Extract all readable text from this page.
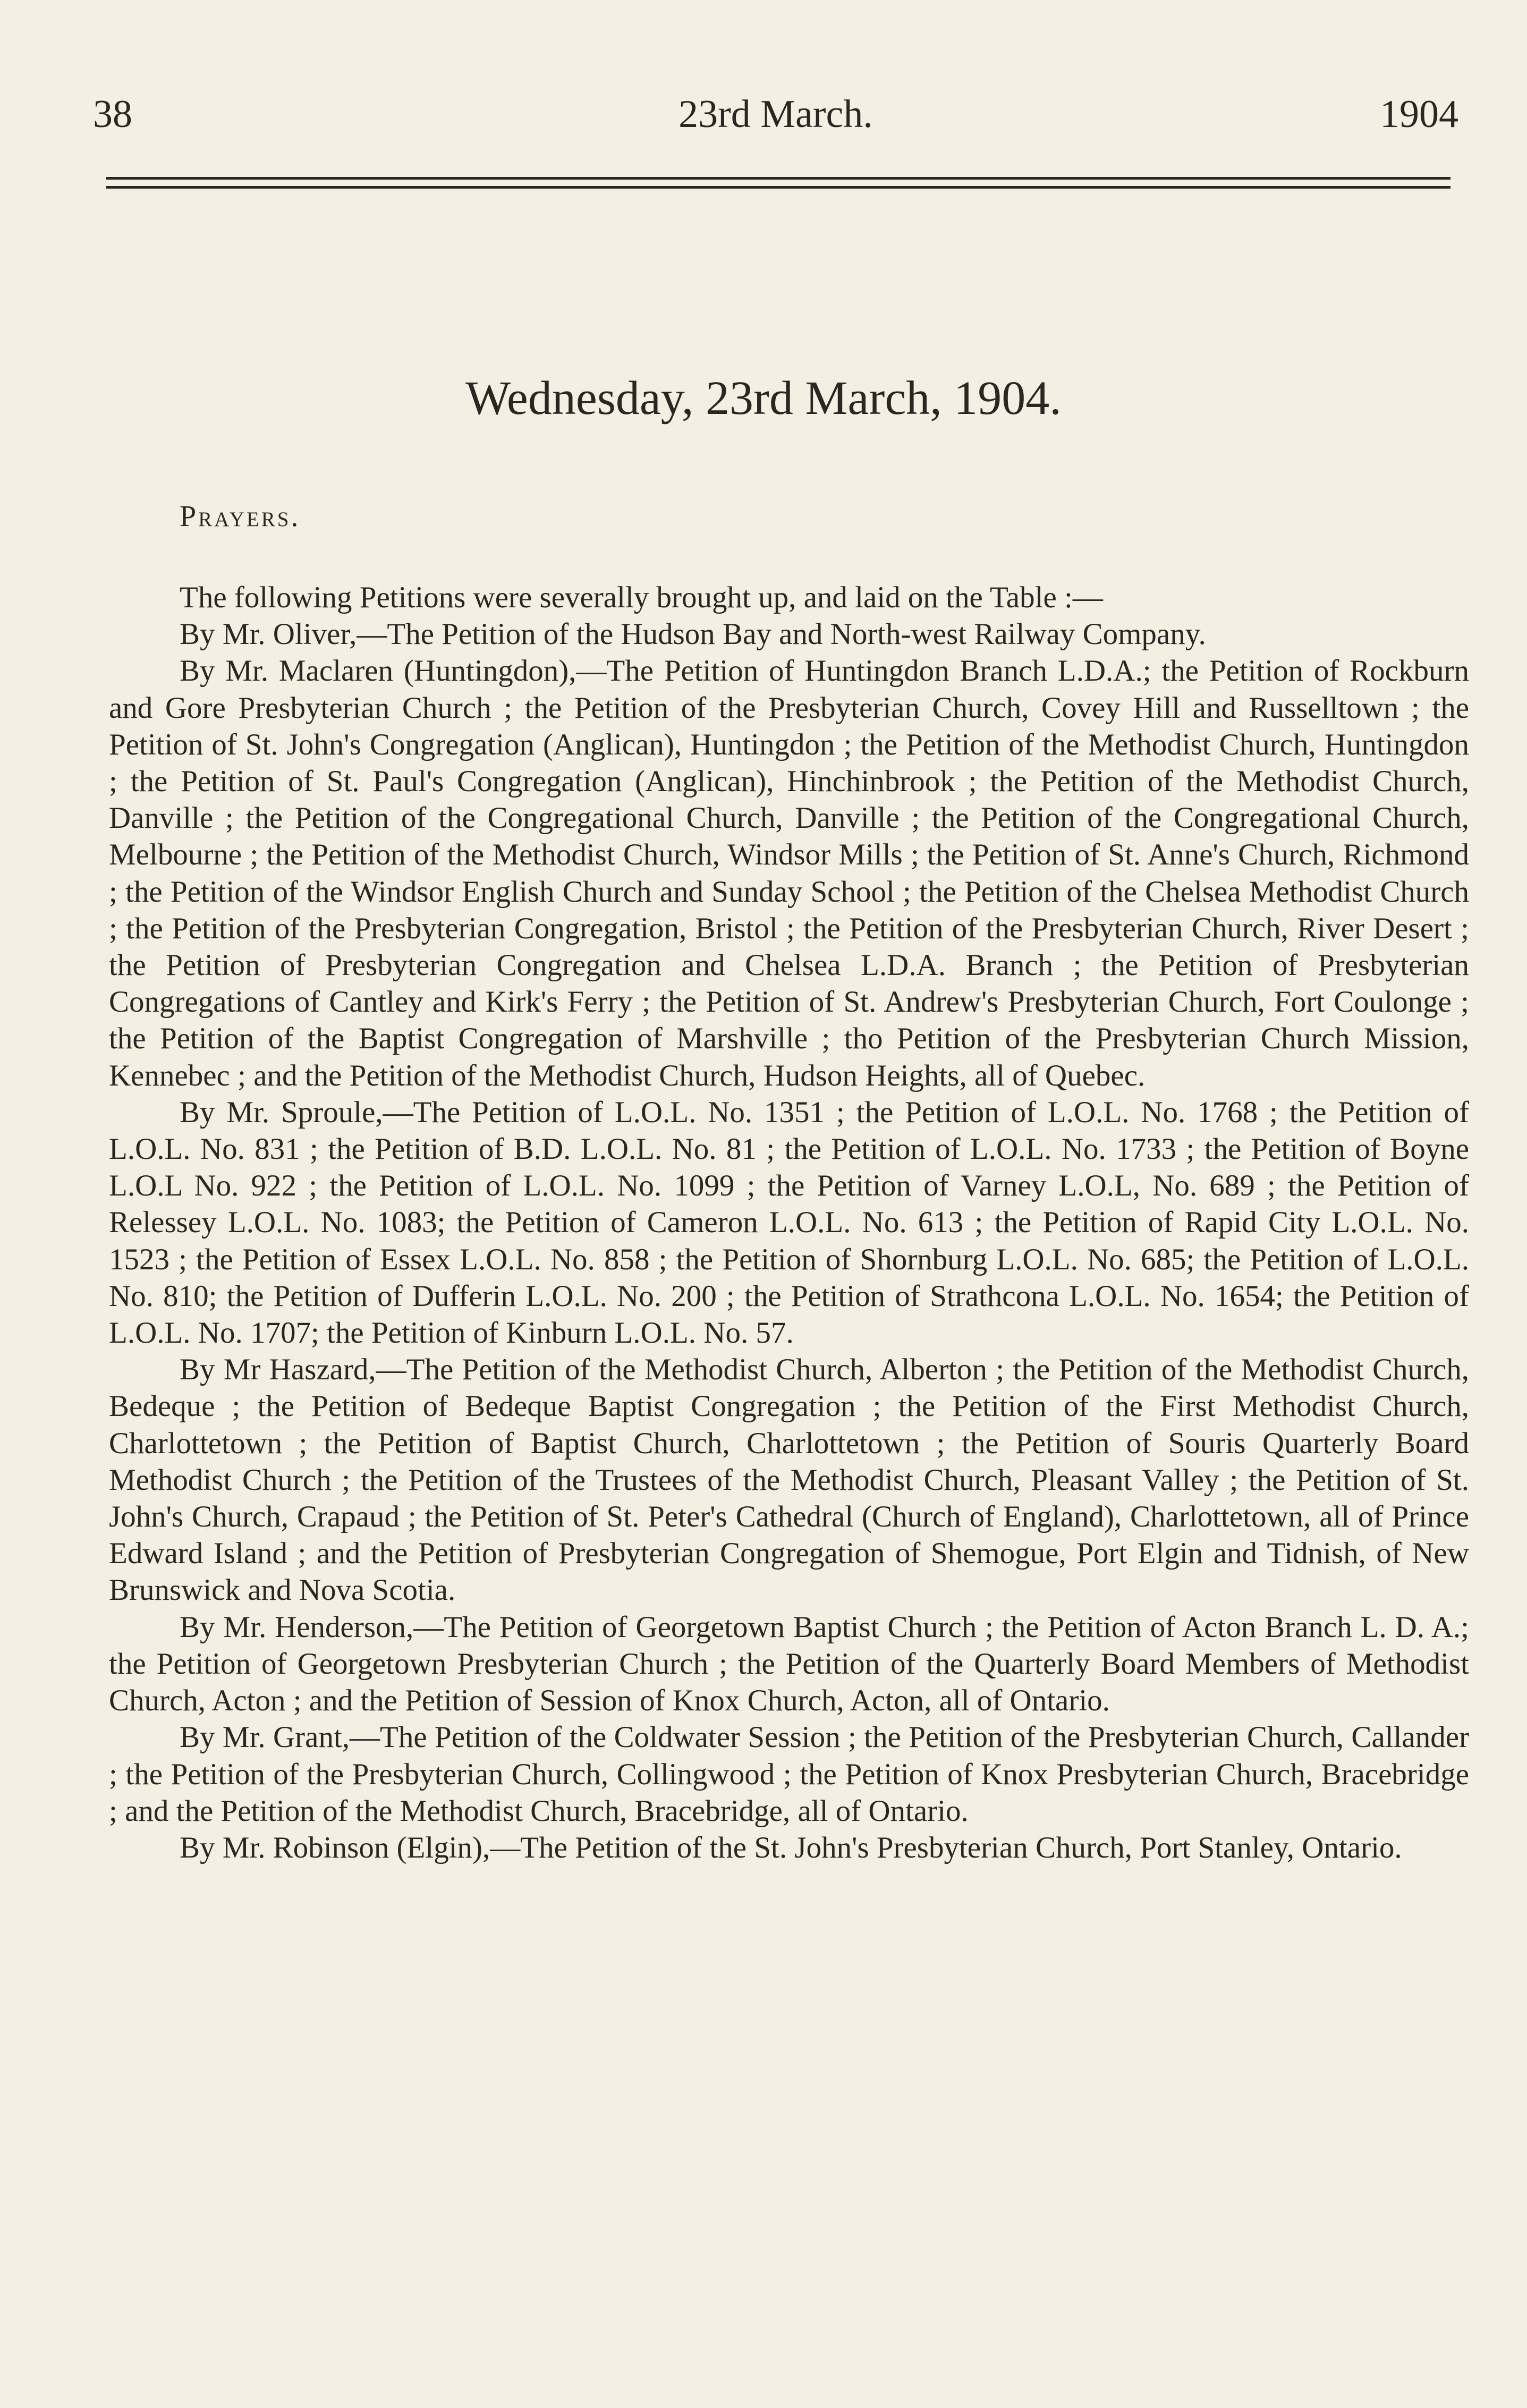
38	23rd March.	1904
Wednesday, 23rd March, 1904.
Prayers.

The following Petitions were severally brought up, and laid on the Table :—

By Mr. Oliver,—The Petition of the Hudson Bay and North-west Railway Company.

By Mr. Maclaren (Huntingdon),—The Petition of Huntingdon Branch L.D.A.; the Petition of Rockburn and Gore Presbyterian Church ; the Petition of the Presbyterian Church, Covey Hill and Russelltown ; the Petition of St. John's Congregation (Anglican), Huntingdon ; the Petition of the Methodist Church, Huntingdon ; the Petition of St. Paul's Congregation (Anglican), Hinchinbrook ; the Petition of the Methodist Church, Danville ; the Petition of the Congregational Church, Danville ; the Petition of the Congregational Church, Melbourne ; the Petition of the Methodist Church, Windsor Mills ; the Petition of St. Anne's Church, Richmond ; the Petition of the Windsor English Church and Sunday School ; the Petition of the Chelsea Methodist Church ; the Petition of the Presbyterian Congregation, Bristol ; the Petition of the Presbyterian Church, River Desert ; the Petition of Presbyterian Congregation and Chelsea L.D.A. Branch ; the Petition of Presbyterian Congregations of Cantley and Kirk's Ferry ; the Petition of St. Andrew's Presbyterian Church, Fort Coulonge ; the Petition of the Baptist Congregation of Marshville ; tho Petition of the Presbyterian Church Mission, Kennebec ; and the Petition of the Methodist Church, Hudson Heights, all of Quebec.

By Mr. Sproule,—The Petition of L.O.L. No. 1351 ; the Petition of L.O.L. No. 1768 ; the Petition of L.O.L. No. 831 ; the Petition of B.D. L.O.L. No. 81 ; the Petition of L.O.L. No. 1733 ; the Petition of Boyne L.O.L No. 922 ; the Petition of L.O.L. No. 1099 ; the Petition of Varney L.O.L, No. 689 ; the Petition of Relessey L.O.L. No. 1083; the Petition of Cameron L.O.L. No. 613 ; the Petition of Rapid City L.O.L. No. 1523 ; the Petition of Essex L.O.L. No. 858 ; the Petition of Shornburg L.O.L. No. 685; the Petition of L.O.L. No. 810; the Petition of Dufferin L.O.L. No. 200 ; the Petition of Strathcona L.O.L. No. 1654; the Petition of L.O.L. No. 1707; the Petition of Kinburn L.O.L. No. 57.

By Mr Haszard,—The Petition of the Methodist Church, Alberton ; the Petition of the Methodist Church, Bedeque ; the Petition of Bedeque Baptist Congregation ; the Petition of the First Methodist Church, Charlottetown ; the Petition of Baptist Church, Charlottetown ; the Petition of Souris Quarterly Board Methodist Church ; the Petition of the Trustees of the Methodist Church, Pleasant Valley ; the Petition of St. John's Church, Crapaud ; the Petition of St. Peter's Cathedral (Church of England), Charlottetown, all of Prince Edward Island ; and the Petition of Presbyterian Congregation of Shemogue, Port Elgin and Tidnish, of New Brunswick and Nova Scotia.

By Mr. Henderson,—The Petition of Georgetown Baptist Church ; the Petition of Acton Branch L. D. A.; the Petition of Georgetown Presbyterian Church ; the Petition of the Quarterly Board Members of Methodist Church, Acton ; and the Petition of Session of Knox Church, Acton, all of Ontario.

By Mr. Grant,—The Petition of the Coldwater Session ; the Petition of the Presbyterian Church, Callander ; the Petition of the Presbyterian Church, Collingwood ; the Petition of Knox Presbyterian Church, Bracebridge ; and the Petition of the Methodist Church, Bracebridge, all of Ontario.

By Mr. Robinson (Elgin),—The Petition of the St. John's Presbyterian Church, Port Stanley, Ontario.
